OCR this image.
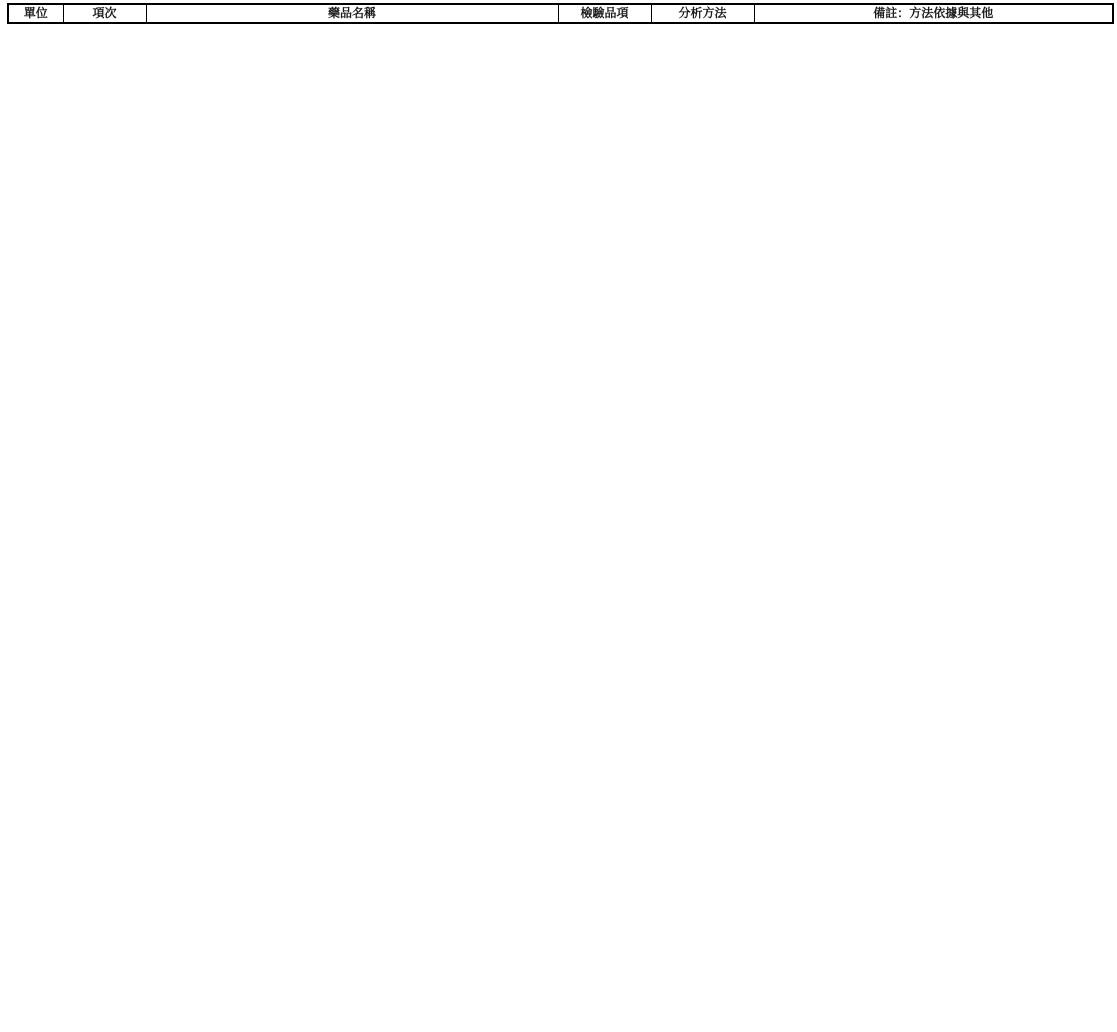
單位	項次	藥品名稱	檢驗品項	分析方法	備註：方法依據與其他
